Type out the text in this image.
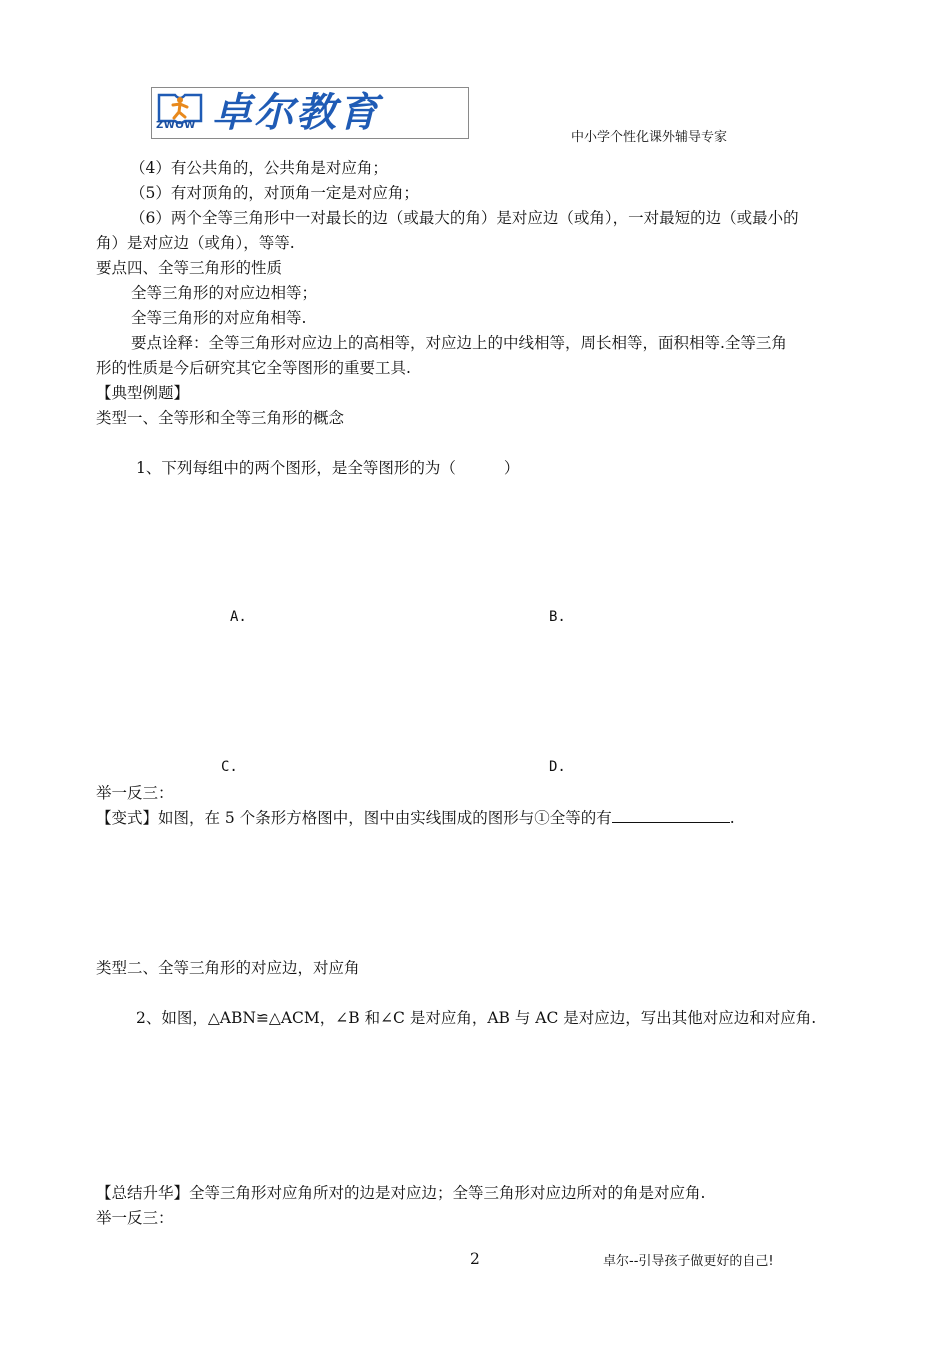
ZWOW 卓尔教育
中小学个性化课外辅导专家
（4）有公共角的，公共角是对应角；
（5）有对顶角的，对顶角一定是对应角；
（6）两个全等三角形中一对最长的边（或最大的角）是对应边（或角），一对最短的边（或最小的
角）是对应边（或角），等等.
要点四、全等三角形的性质
全等三角形的对应边相等；
全等三角形的对应角相等.
要点诠释：全等三角形对应边上的高相等，对应边上的中线相等，周长相等，面积相等.全等三角
形的性质是今后研究其它全等图形的重要工具.
【典型例题】
类型一、全等形和全等三角形的概念
1、下列每组中的两个图形，是全等图形的为（	）
A.	B.
C.	D.
举一反三：
【变式】如图，在 5 个条形方格图中，图中由实线围成的图形与①全等的有	.
类型二、全等三角形的对应边，对应角
2、如图，△ABN≌△ACM，∠B 和∠C 是对应角，AB 与 AC 是对应边，写出其他对应边和对应角.
【总结升华】全等三角形对应角所对的边是对应边；全等三角形对应边所对的角是对应角.
举一反三：
2	卓尔--引导孩子做更好的自己!
